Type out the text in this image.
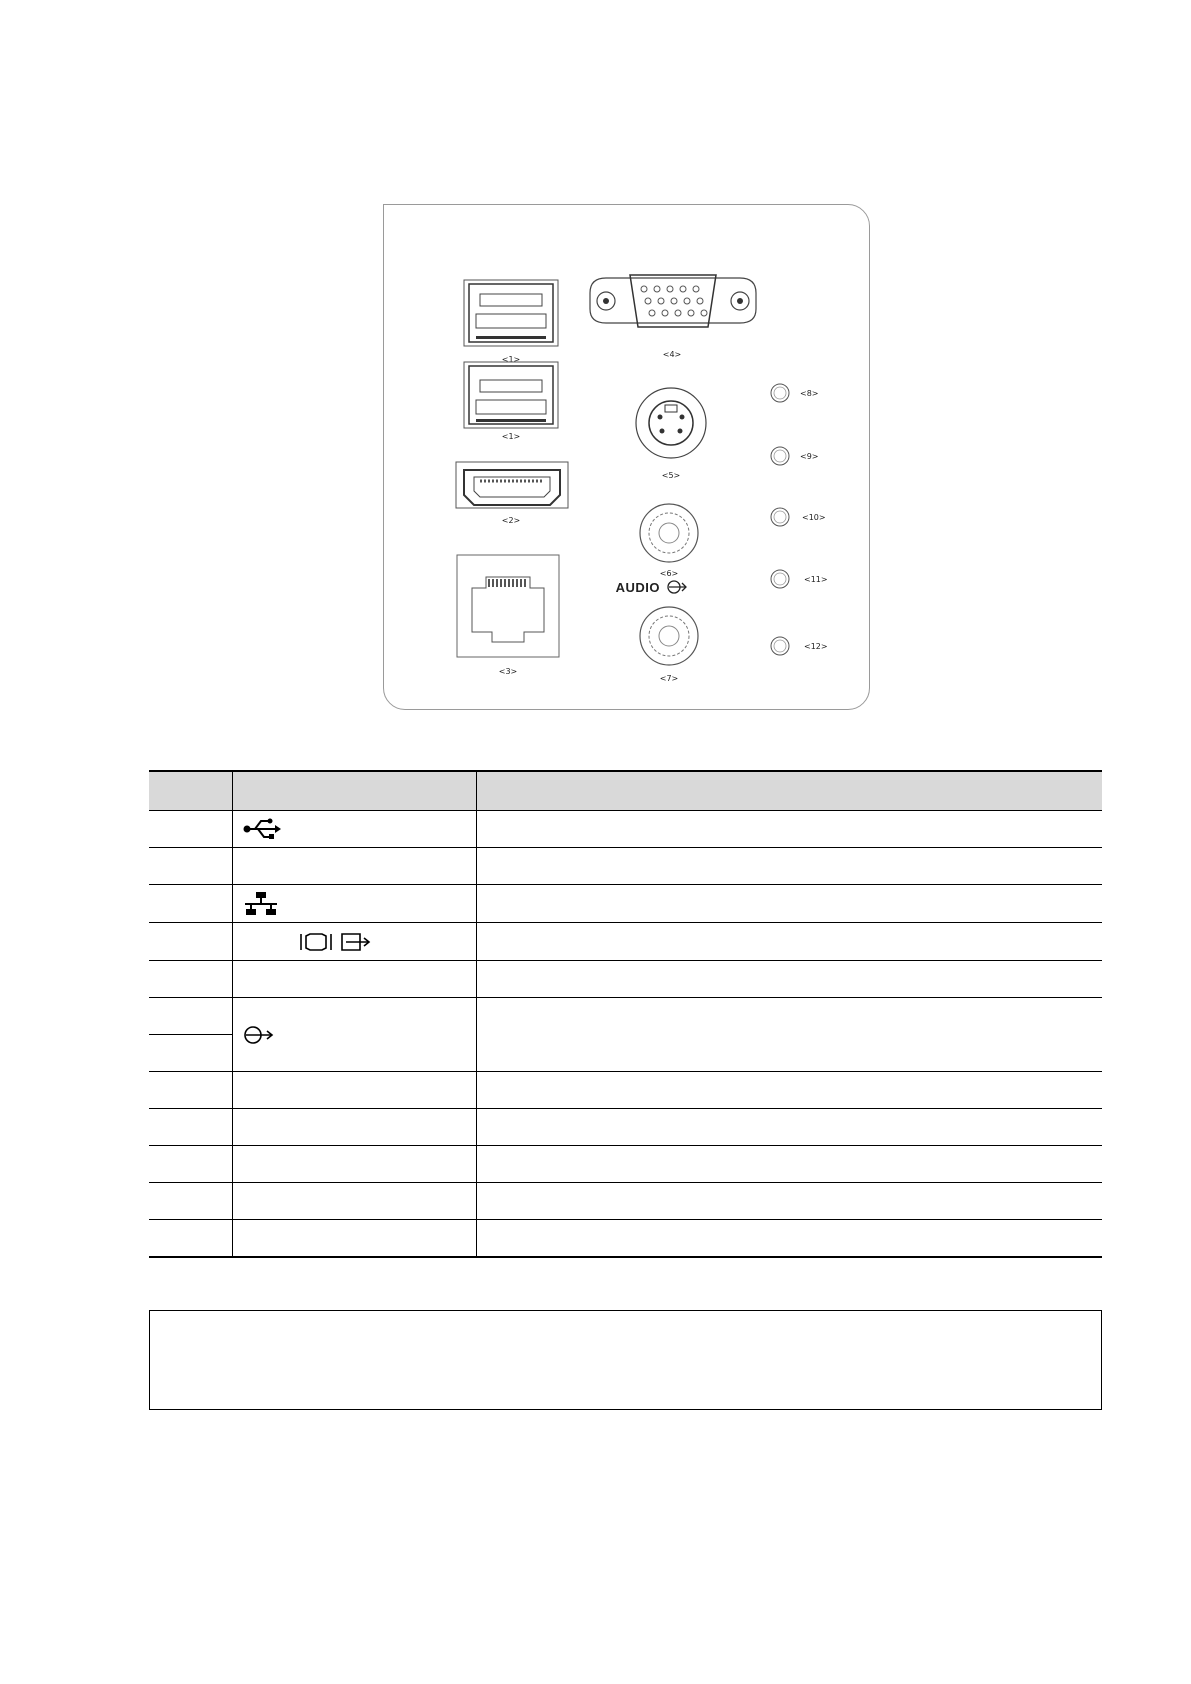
<1>
<1>
<2>
<3>
<4>
<5>
<6>
AUDIO
<7>
<8>
<9>
<10>
<11>
<12>
